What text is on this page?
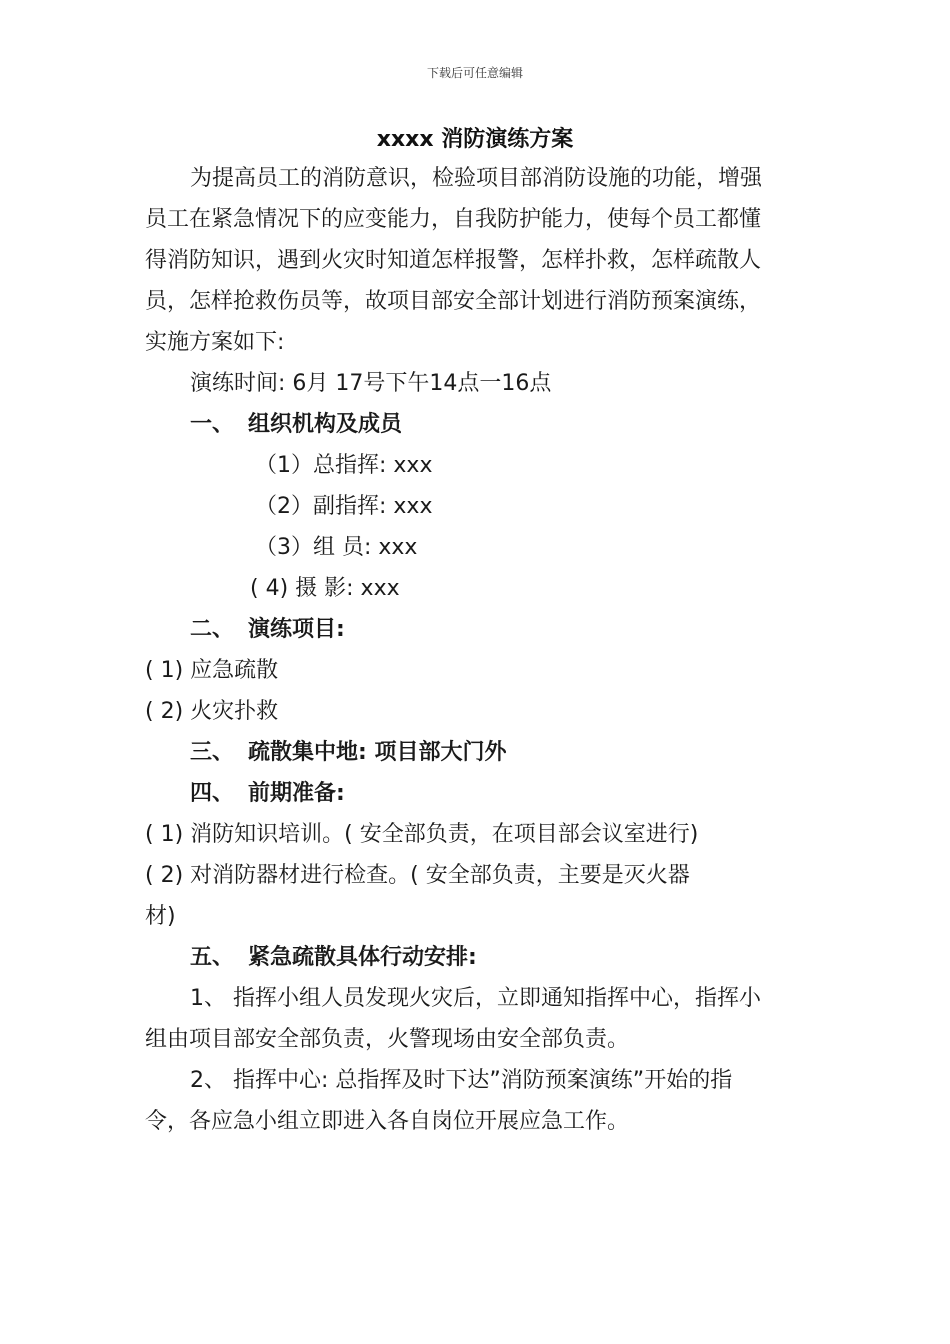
下载后可任意编辑
xxxx 消防演练方案
为提高员工的消防意识，检验项目部消防设施的功能，增强
员工在紧急情况下的应变能力，自我防护能力，使每个员工都懂
得消防知识，遇到火灾时知道怎样报警，怎样扑救，怎样疏散人
员，怎样抢救伤员等，故项目部安全部计划进行消防预案演练，
实施方案如下:
演练时间: 6月 17号下午14点一16点
一、 组织机构及成员
（1）总指挥: xxx
（2）副指挥: xxx
（3）组 员: xxx
( 4) 摄 影: xxx
二、 演练项目:
( 1) 应急疏散
( 2) 火灾扑救
三、 疏散集中地: 项目部大门外
四、 前期准备:
( 1) 消防知识培训。( 安全部负责，在项目部会议室进行)
( 2) 对消防器材进行检查。( 安全部负责，主要是灭火器
材)
五、 紧急疏散具体行动安排:
1、 指挥小组人员发现火灾后，立即通知指挥中心，指挥小
组由项目部安全部负责，火警现场由安全部负责。
2、 指挥中心: 总指挥及时下达”消防预案演练”开始的指
令，各应急小组立即进入各自岗位开展应急工作。
